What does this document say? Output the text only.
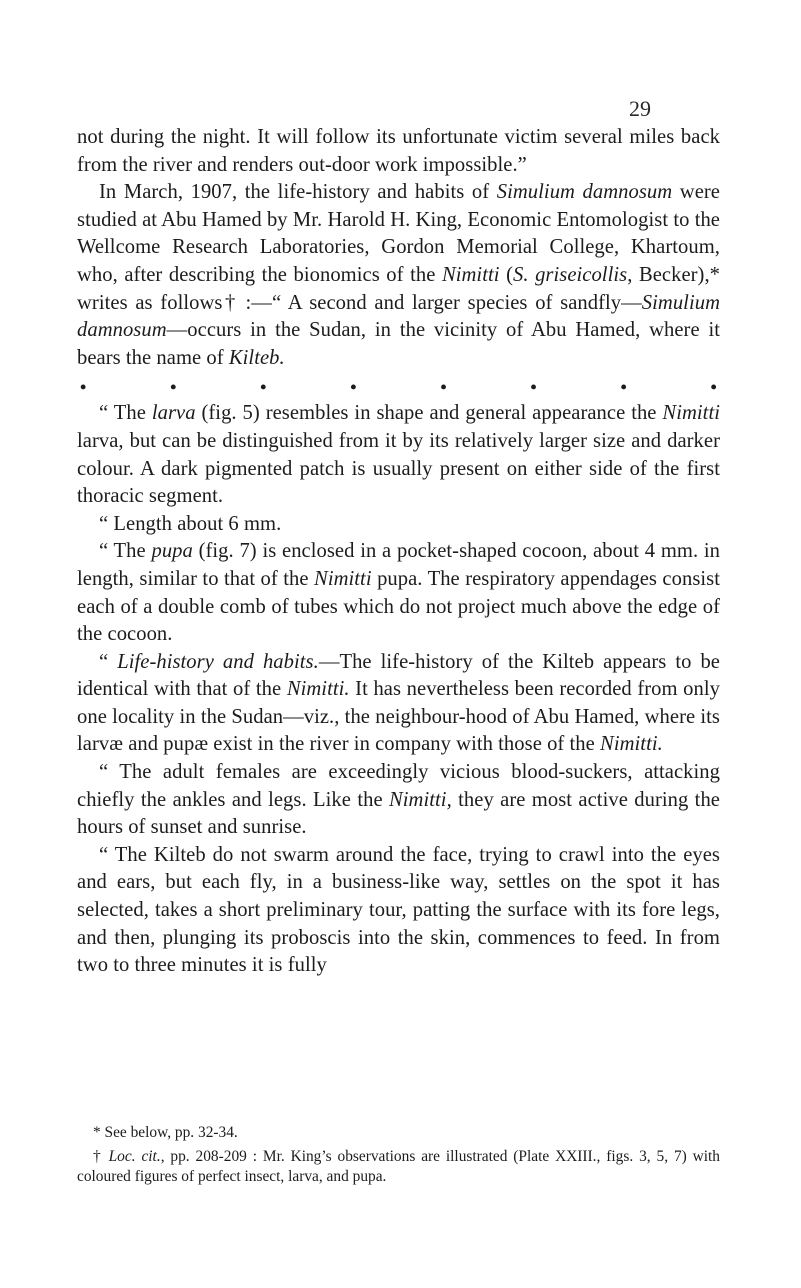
29

not during the night. It will follow its unfortunate victim several miles back from the river and renders out-door work impossible.”

In March, 1907, the life-history and habits of Simulium damnosum were studied at Abu Hamed by Mr. Harold H. King, Economic Entomologist to the Wellcome Research Laboratories, Gordon Memorial College, Khartoum, who, after describing the bionomics of the Nimitti (S. griseicollis, Becker),* writes as follows† :—“ A second and larger species of sandfly—Simulium damnosum—occurs in the Sudan, in the vicinity of Abu Hamed, where it bears the name of Kilteb.

•	•	•	•	•	•	•	•

“ The larva (fig. 5) resembles in shape and general appearance the Nimitti larva, but can be distinguished from it by its relatively larger size and darker colour. A dark pigmented patch is usually present on either side of the first thoracic segment.

“ Length about 6 mm.

“ The pupa (fig. 7) is enclosed in a pocket-shaped cocoon, about 4 mm. in length, similar to that of the Nimitti pupa. The respiratory appendages consist each of a double comb of tubes which do not project much above the edge of the cocoon.

“ Life-history and habits.—The life-history of the Kilteb appears to be identical with that of the Nimitti. It has nevertheless been recorded from only one locality in the Sudan—viz., the neighbour-hood of Abu Hamed, where its larvæ and pupæ exist in the river in company with those of the Nimitti.

“ The adult females are exceedingly vicious blood-suckers, attacking chiefly the ankles and legs. Like the Nimitti, they are most active during the hours of sunset and sunrise.

“ The Kilteb do not swarm around the face, trying to crawl into the eyes and ears, but each fly, in a business-like way, settles on the spot it has selected, takes a short preliminary tour, patting the surface with its fore legs, and then, plunging its proboscis into the skin, commences to feed. In from two to three minutes it is fully

* See below, pp. 32-34.

† Loc. cit., pp. 208-209 : Mr. King’s observations are illustrated (Plate XXIII., figs. 3, 5, 7) with coloured figures of perfect insect, larva, and pupa.
